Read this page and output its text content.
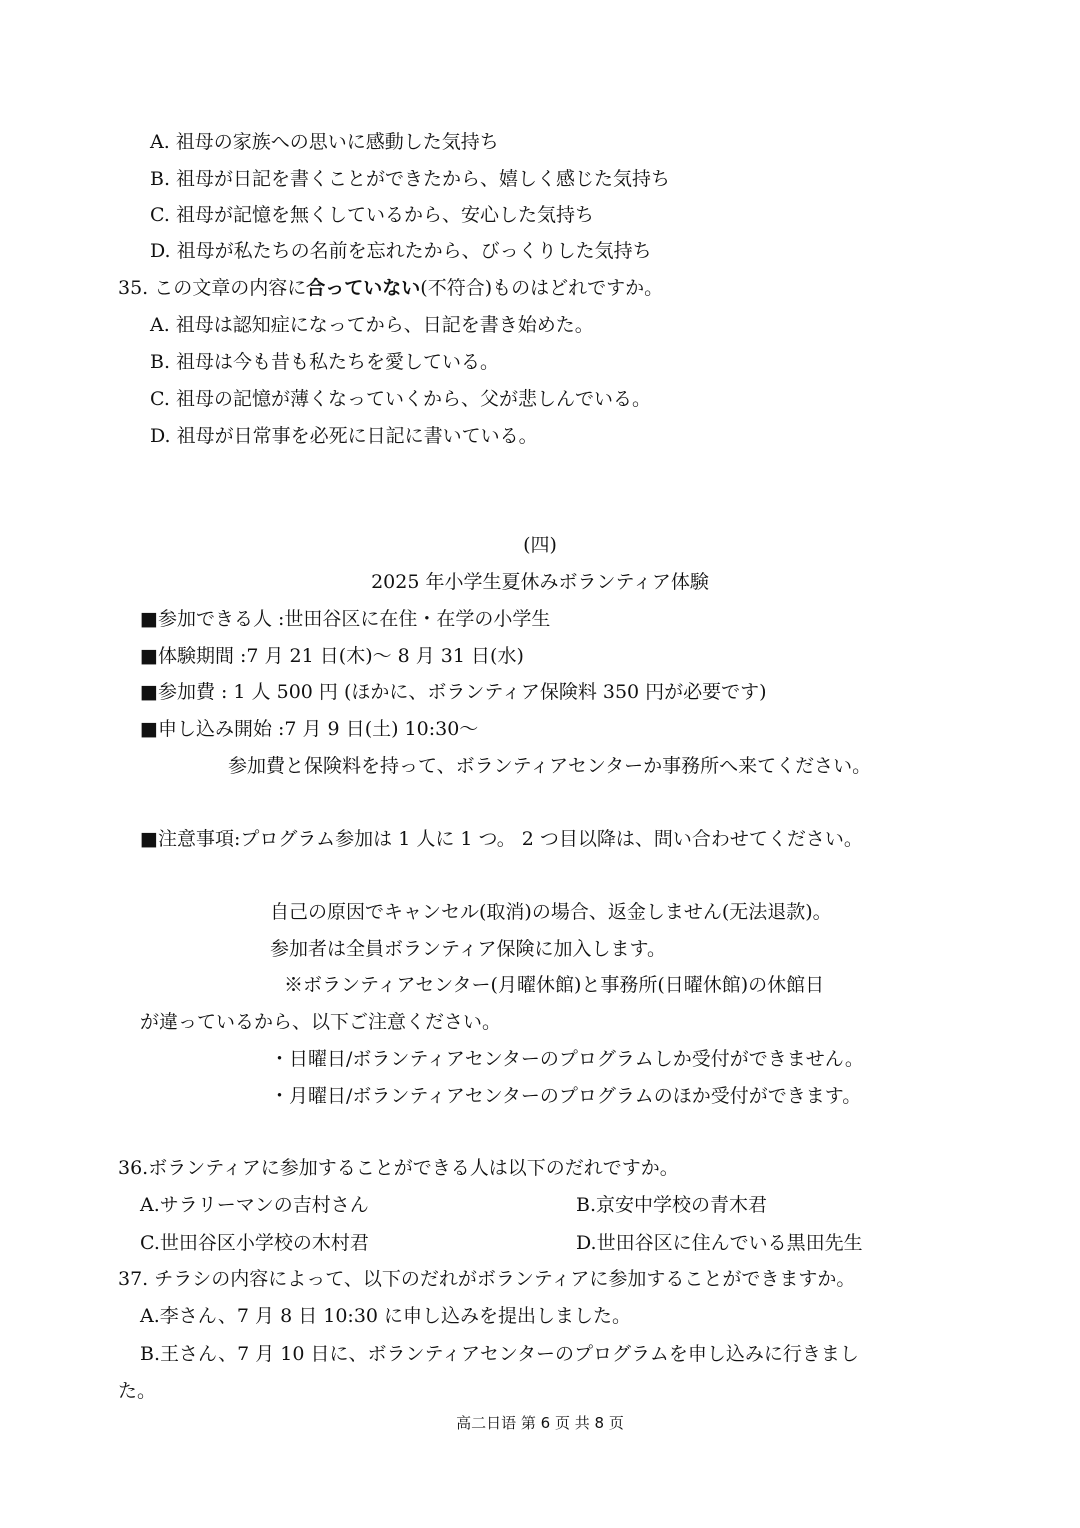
A. 祖母の家族への思いに感動した気持ち
B. 祖母が日記を書くことができたから、嬉しく感じた気持ち
C. 祖母が記憶を無くしているから、安心した気持ち
D. 祖母が私たちの名前を忘れたから、びっくりした気持ち
35. この文章の内容に合っていない(不符合)ものはどれですか。
A. 祖母は認知症になってから、日記を書き始めた。
B. 祖母は今も昔も私たちを愛している。
C. 祖母の記憶が薄くなっていくから、父が悲しんでいる。
D. 祖母が日常事を必死に日記に書いている。
(四)
2025 年小学生夏休みボランティア体験
■参加できる人 :世田谷区に在住・在学の小学生
■体験期間 :7 月 21 日(木)～ 8 月 31 日(水)
■参加費 : 1 人 500 円 (ほかに、ボランティア保険料 350 円が必要です)
■申し込み開始 :7 月 9 日(土) 10:30～
参加費と保険料を持って、ボランティアセンターか事務所へ来てください。
■注意事項:プログラム参加は 1 人に 1 つ。 2 つ目以降は、問い合わせてください。
自己の原因でキャンセル(取消)の場合、返金しません(无法退款)。
参加者は全員ボランティア保険に加入します。
※ボランティアセンター(月曜休館)と事務所(日曜休館)の休館日
が違っているから、以下ご注意ください。
・日曜日/ボランティアセンターのプログラムしか受付ができません。
・月曜日/ボランティアセンターのプログラムのほか受付ができます。
36.ボランティアに参加することができる人は以下のだれですか。
A.サラリーマンの吉村さん	B.京安中学校の青木君
C.世田谷区小学校の木村君	D.世田谷区に住んでいる黒田先生
37. チラシの内容によって、以下のだれがボランティアに参加することができますか。
A.李さん、7 月 8 日 10:30 に申し込みを提出しました。
B.王さん、7 月 10 日に、ボランティアセンターのプログラムを申し込みに行きまし
た。
高二日语 第 6 页 共 8 页
